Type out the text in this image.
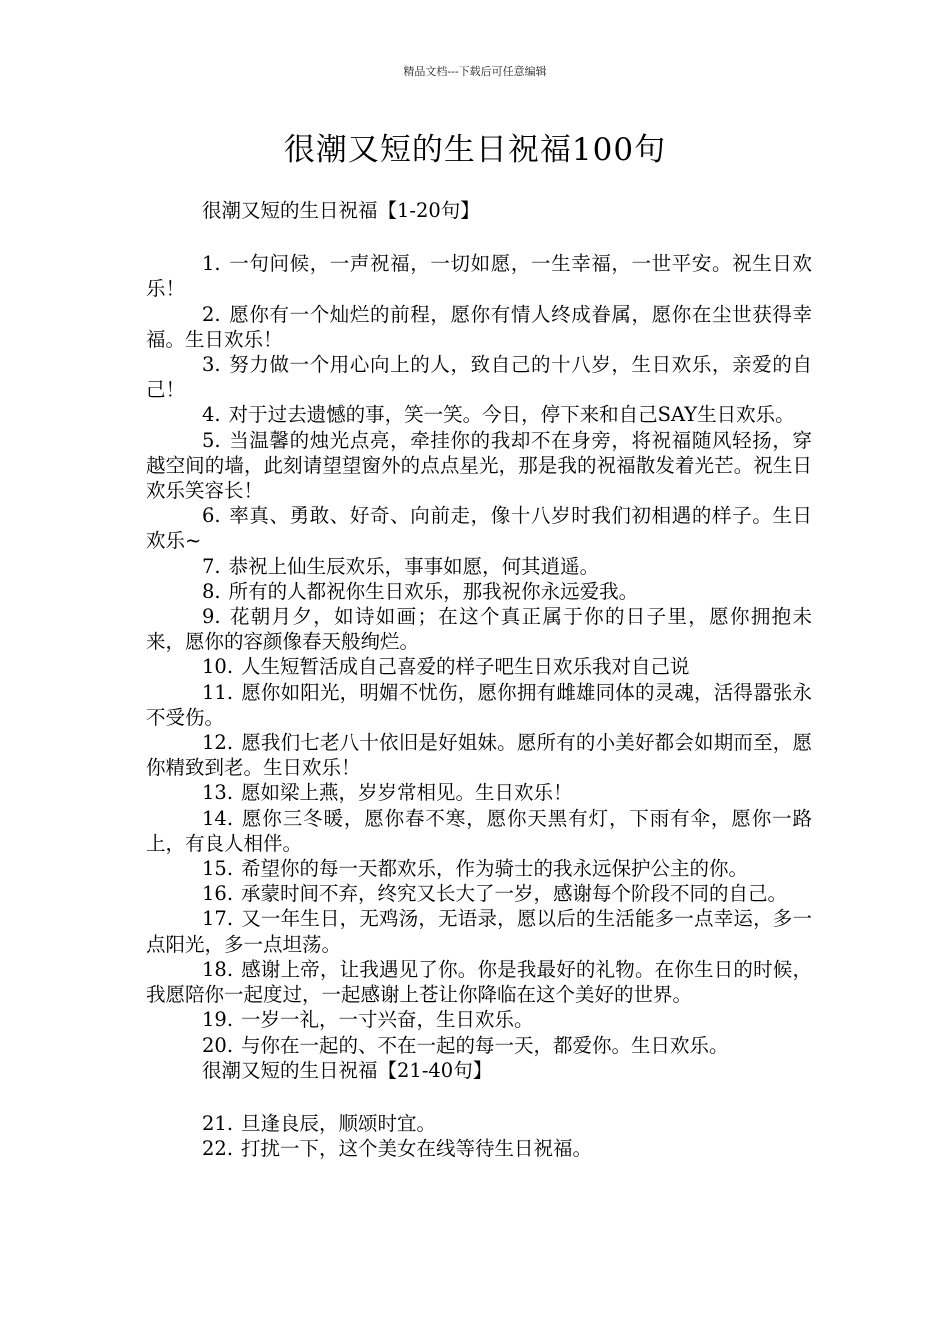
精品文档---下载后可任意编辑
很潮又短的生日祝福100句

很潮又短的生日祝福【1-20句】

1. 一句问候，一声祝福，一切如愿，一生幸福，一世平安。祝生日欢乐！

2. 愿你有一个灿烂的前程，愿你有情人终成眷属，愿你在尘世获得幸福。生日欢乐！

3. 努力做一个用心向上的人，致自己的十八岁，生日欢乐，亲爱的自己！

4. 对于过去遗憾的事，笑一笑。今日，停下来和自己SAY生日欢乐。

5. 当温馨的烛光点亮，牵挂你的我却不在身旁，将祝福随风轻扬，穿越空间的墙，此刻请望望窗外的点点星光，那是我的祝福散发着光芒。祝生日欢乐笑容长！

6. 率真、勇敢、好奇、向前走，像十八岁时我们初相遇的样子。生日欢乐~

7. 恭祝上仙生辰欢乐，事事如愿，何其逍遥。

8. 所有的人都祝你生日欢乐，那我祝你永远爱我。

9. 花朝月夕，如诗如画；在这个真正属于你的日子里，愿你拥抱未来，愿你的容颜像春天般绚烂。

10. 人生短暂活成自己喜爱的样子吧生日欢乐我对自己说

11. 愿你如阳光，明媚不忧伤，愿你拥有雌雄同体的灵魂，活得嚣张永不受伤。

12. 愿我们七老八十依旧是好姐妹。愿所有的小美好都会如期而至，愿你精致到老。生日欢乐！

13. 愿如梁上燕，岁岁常相见。生日欢乐！

14. 愿你三冬暖，愿你春不寒，愿你天黑有灯，下雨有伞，愿你一路上，有良人相伴。

15. 希望你的每一天都欢乐，作为骑士的我永远保护公主的你。

16. 承蒙时间不弃，终究又长大了一岁，感谢每个阶段不同的自己。

17. 又一年生日，无鸡汤，无语录，愿以后的生活能多一点幸运，多一点阳光，多一点坦荡。

18. 感谢上帝，让我遇见了你。你是我最好的礼物。在你生日的时候，我愿陪你一起度过，一起感谢上苍让你降临在这个美好的世界。

19. 一岁一礼，一寸兴奋，生日欢乐。

20. 与你在一起的、不在一起的每一天，都爱你。生日欢乐。

很潮又短的生日祝福【21-40句】

21. 旦逢良辰，顺颂时宜。

22. 打扰一下，这个美女在线等待生日祝福。
